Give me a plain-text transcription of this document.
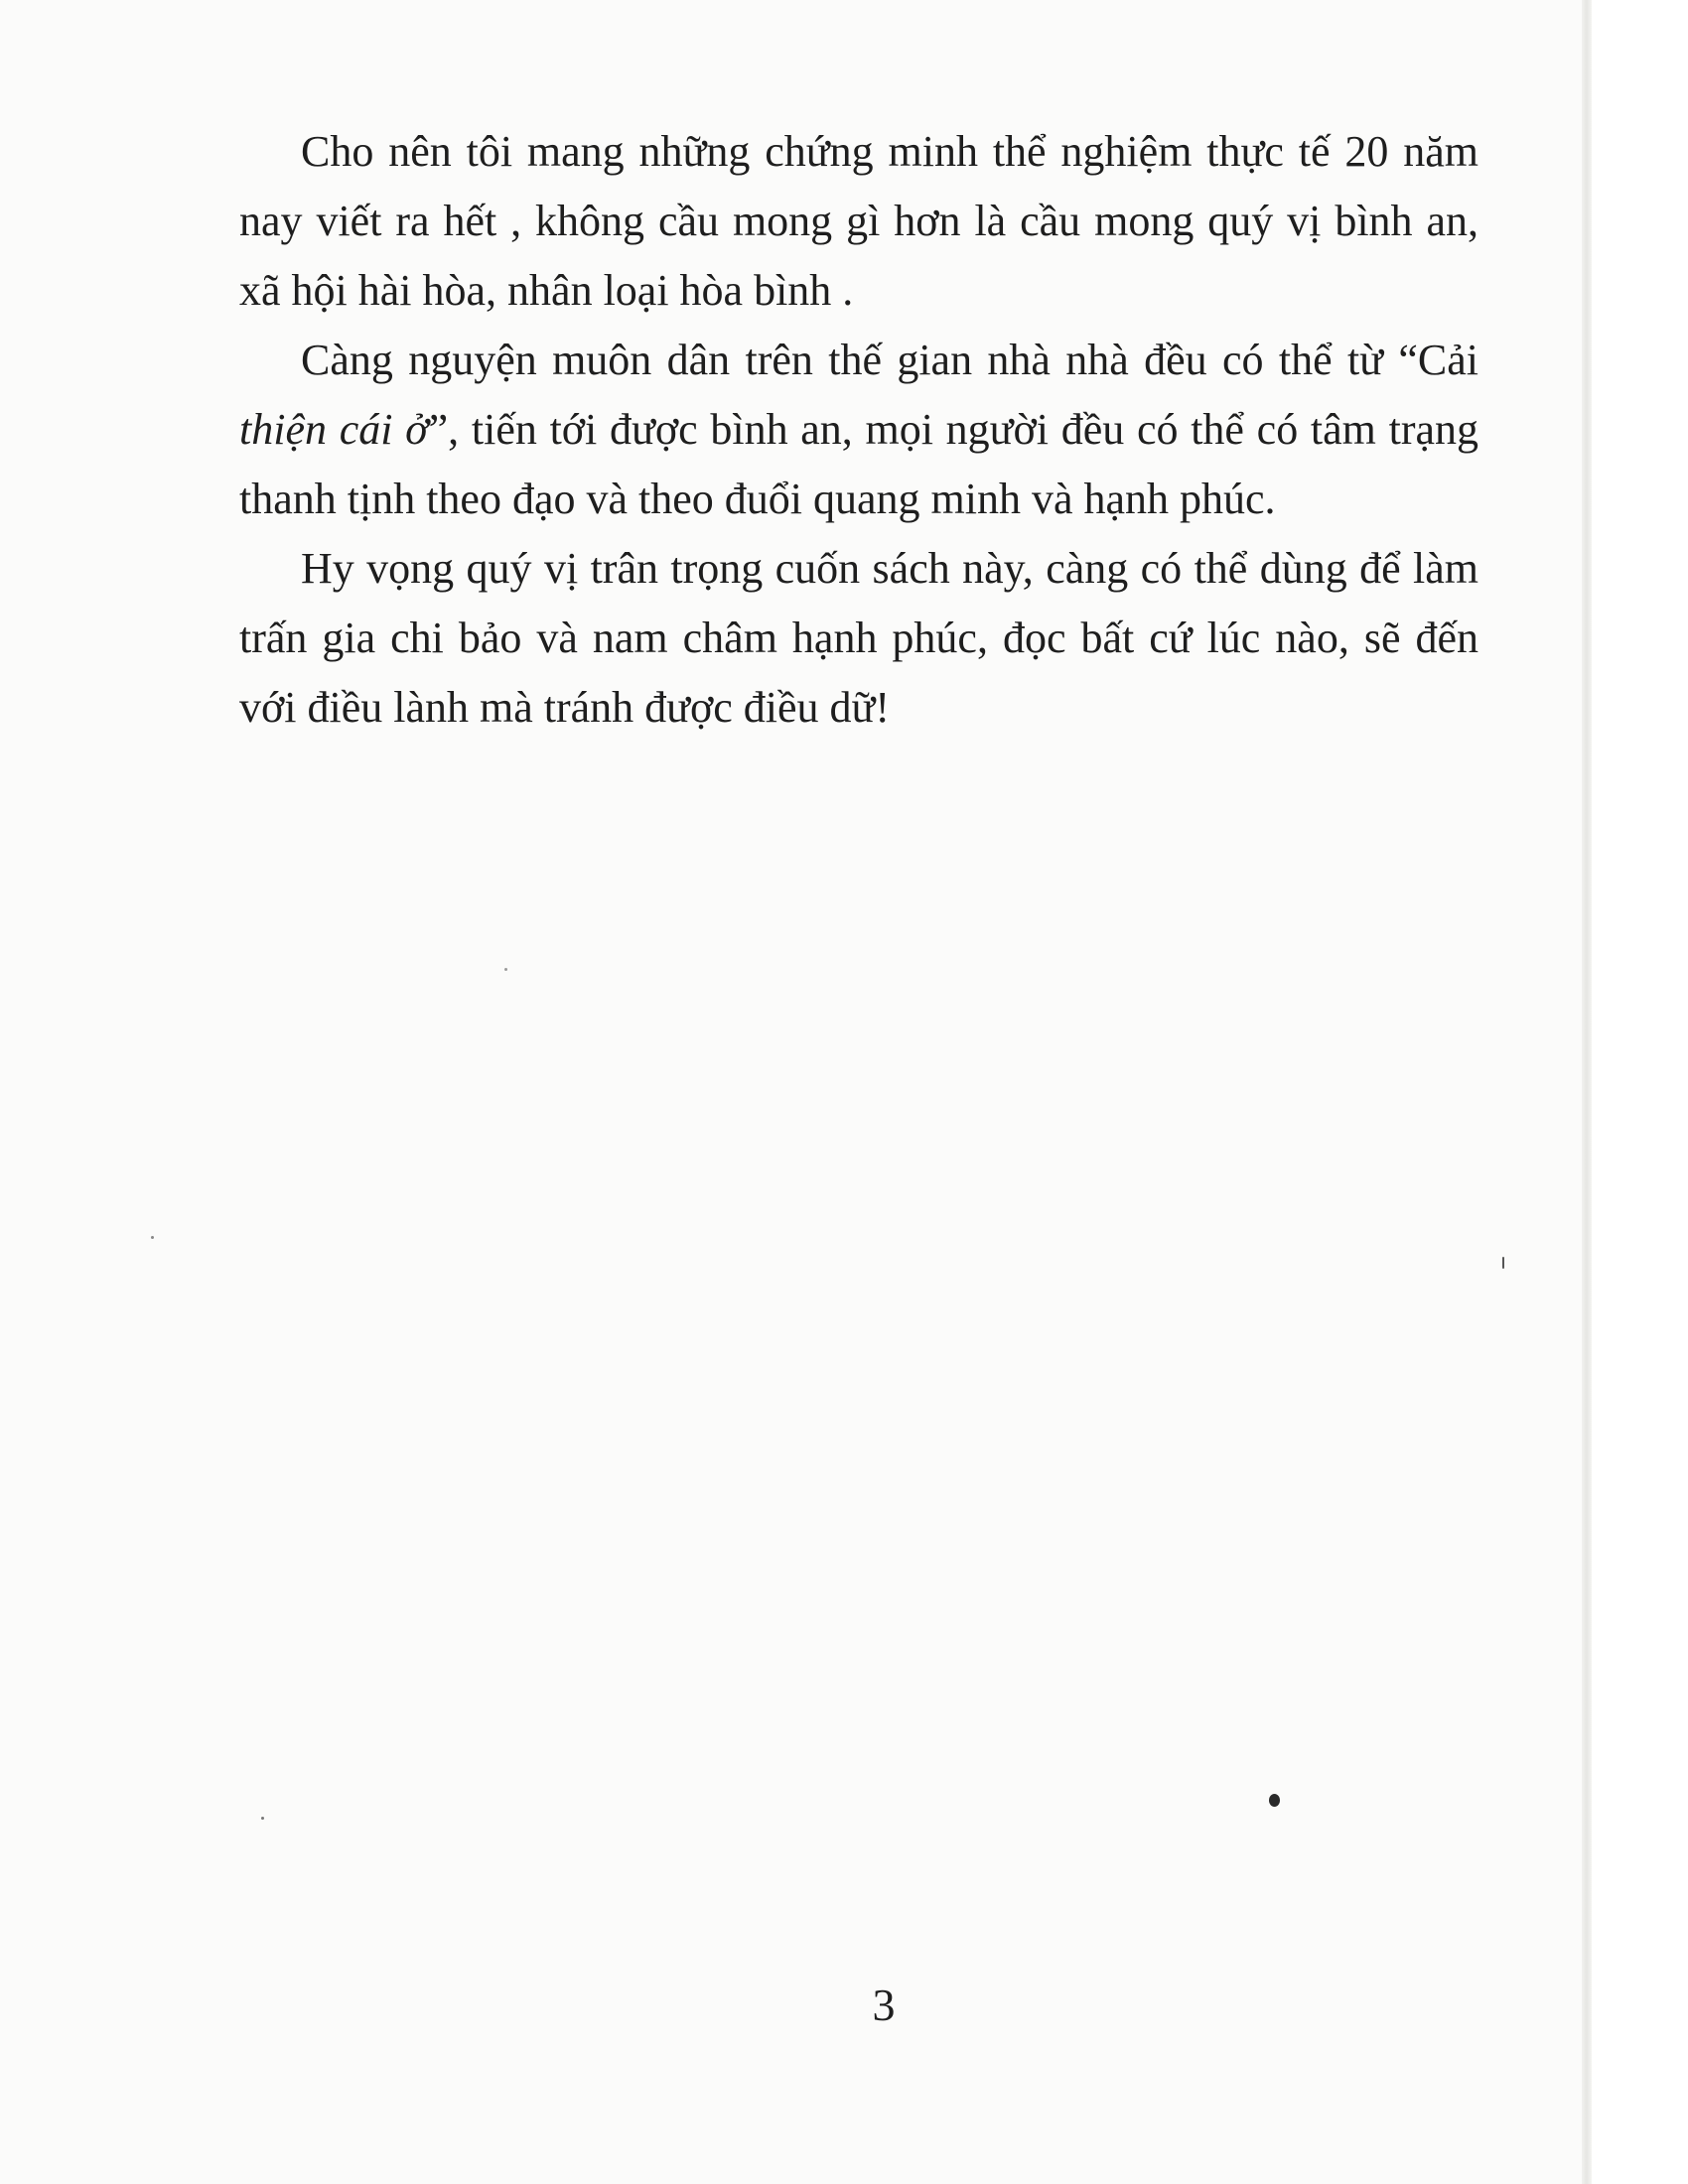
Cho nên tôi mang những chứng minh thể nghiệm thực tế 20 năm nay viết ra hết , không cầu mong gì hơn là cầu mong quý vị bình an, xã hội hài hòa, nhân loại hòa bình .

Càng nguyện muôn dân trên thế gian nhà nhà đều có thể từ “Cải thiện cái ở”, tiến tới được bình an, mọi người đều có thể có tâm trạng thanh tịnh theo đạo và theo đuổi quang minh và hạnh phúc.

Hy vọng quý vị trân trọng cuốn sách này, càng có thể dùng để làm trấn gia chi bảo và nam châm hạnh phúc, đọc bất cứ lúc nào, sẽ đến với điều lành mà tránh được điều dữ!

3
